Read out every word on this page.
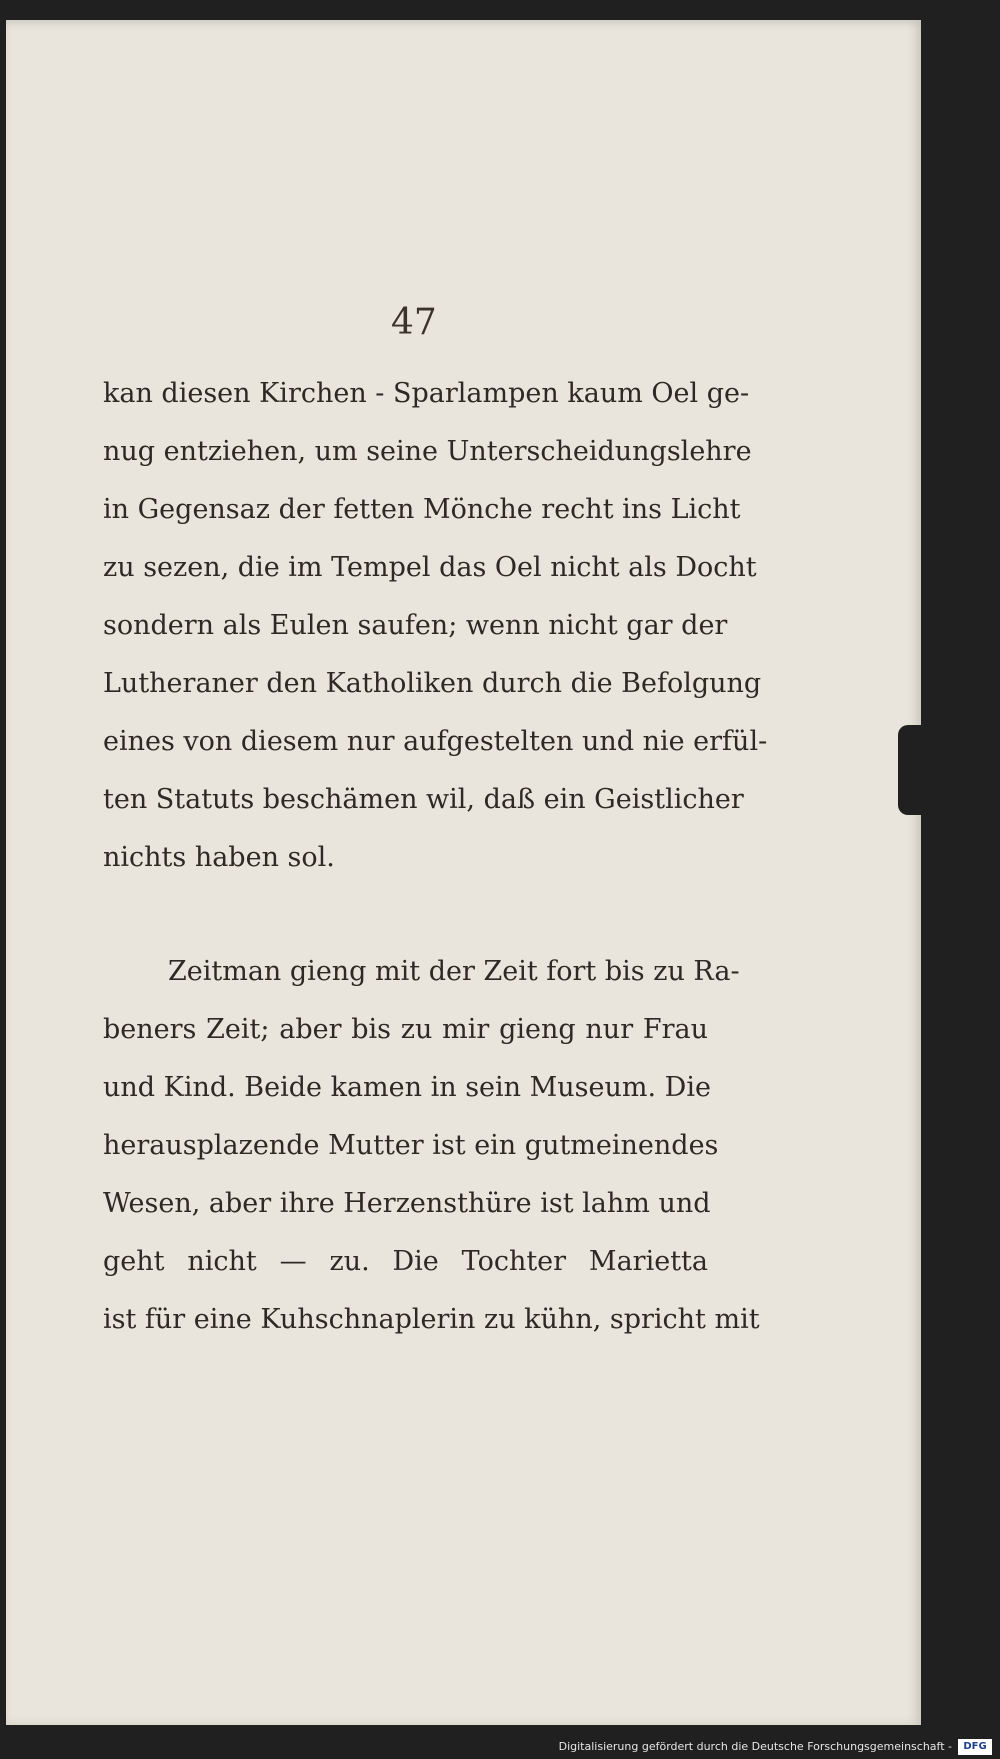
47
kan diesen Kirchen - Sparlampen kaum Oel ge-
nug entziehen, um seine Unterscheidungslehre
in Gegensaz der fetten Mönche recht ins Licht
zu sezen, die im Tempel das Oel nicht als Docht
sondern als Eulen saufen; wenn nicht gar der
Lutheraner den Katholiken durch die Befolgung
eines von diesem nur aufgestelten und nie erfül-
ten Statuts beschämen wil, daß ein Geistlicher
nichts haben sol.
Zeitman gieng mit der Zeit fort bis zu Ra-
beners Zeit; aber bis zu mir gieng nur Frau
und Kind. Beide kamen in sein Museum. Die
herausplazende Mutter ist ein gutmeinendes
Wesen, aber ihre Herzensthüre ist lahm und
geht nicht — zu. Die Tochter Marietta
ist für eine Kuhschnaplerin zu kühn, spricht mit
Digitalisierung gefördert durch die Deutsche Forschungsgemeinschaft - DFG
